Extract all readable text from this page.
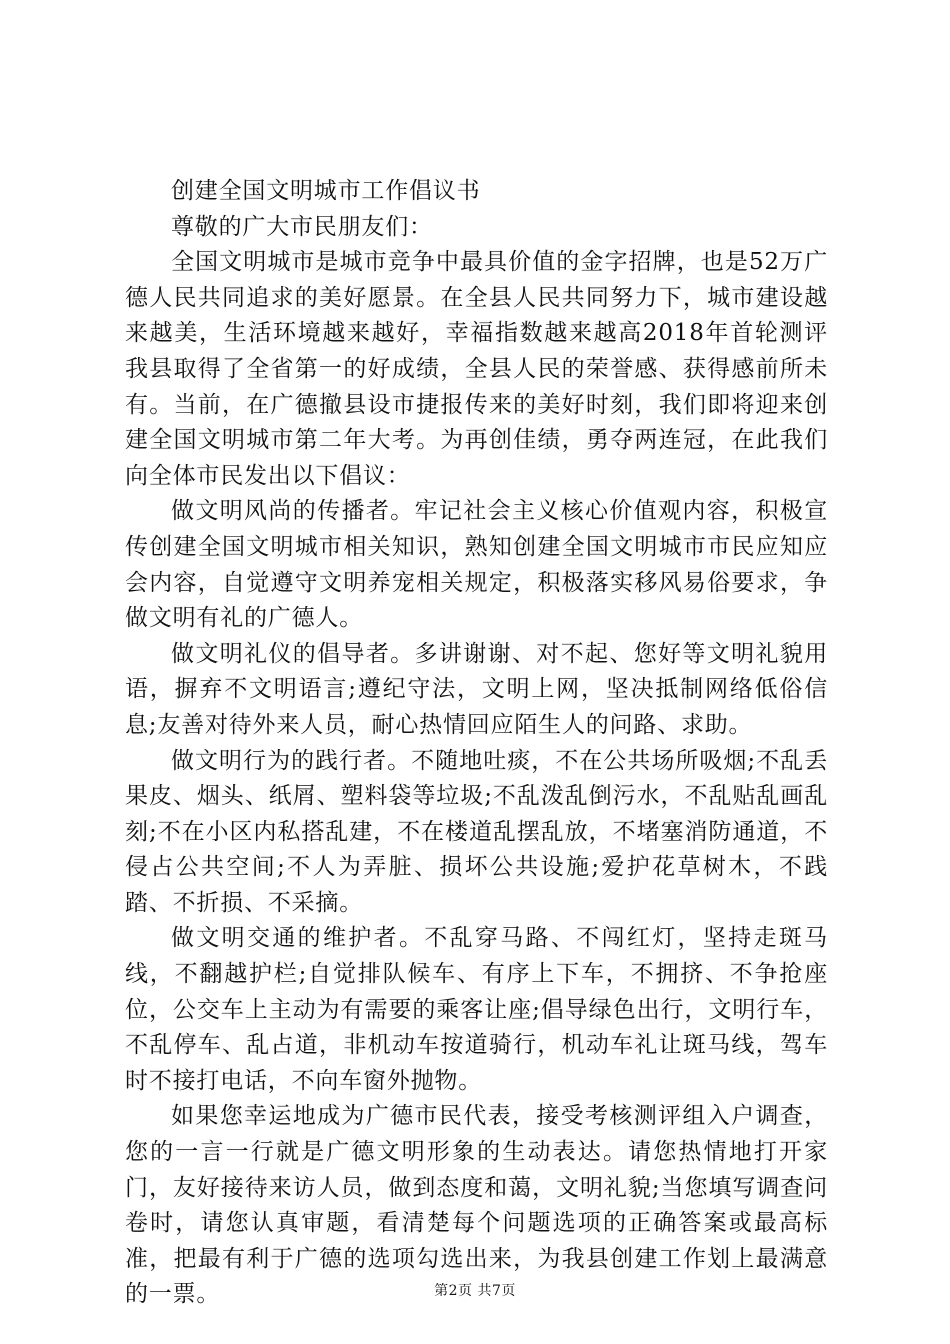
创建全国文明城市工作倡议书

尊敬的广大市民朋友们：

全国文明城市是城市竞争中最具价值的金字招牌，也是52万广德人民共同追求的美好愿景。在全县人民共同努力下，城市建设越来越美，生活环境越来越好，幸福指数越来越高2018年首轮测评我县取得了全省第一的好成绩，全县人民的荣誉感、获得感前所未有。当前，在广德撤县设市捷报传来的美好时刻，我们即将迎来创建全国文明城市第二年大考。为再创佳绩，勇夺两连冠，在此我们向全体市民发出以下倡议：

做文明风尚的传播者。牢记社会主义核心价值观内容，积极宣传创建全国文明城市相关知识，熟知创建全国文明城市市民应知应会内容，自觉遵守文明养宠相关规定，积极落实移风易俗要求，争做文明有礼的广德人。

做文明礼仪的倡导者。多讲谢谢、对不起、您好等文明礼貌用语，摒弃不文明语言;遵纪守法，文明上网，坚决抵制网络低俗信息;友善对待外来人员，耐心热情回应陌生人的问路、求助。

做文明行为的践行者。不随地吐痰，不在公共场所吸烟;不乱丢果皮、烟头、纸屑、塑料袋等垃圾;不乱泼乱倒污水，不乱贴乱画乱刻;不在小区内私搭乱建，不在楼道乱摆乱放，不堵塞消防通道，不侵占公共空间;不人为弄脏、损坏公共设施;爱护花草树木，不践踏、不折损、不采摘。

做文明交通的维护者。不乱穿马路、不闯红灯，坚持走斑马线，不翻越护栏;自觉排队候车、有序上下车，不拥挤、不争抢座位，公交车上主动为有需要的乘客让座;倡导绿色出行，文明行车，不乱停车、乱占道，非机动车按道骑行，机动车礼让斑马线，驾车时不接打电话，不向车窗外抛物。

如果您幸运地成为广德市民代表，接受考核测评组入户调查，您的一言一行就是广德文明形象的生动表达。请您热情地打开家门，友好接待来访人员，做到态度和蔼，文明礼貌;当您填写调查问卷时，请您认真审题，看清楚每个问题选项的正确答案或最高标准，把最有利于广德的选项勾选出来，为我县创建工作划上最满意的一票。	第2页 共7页
